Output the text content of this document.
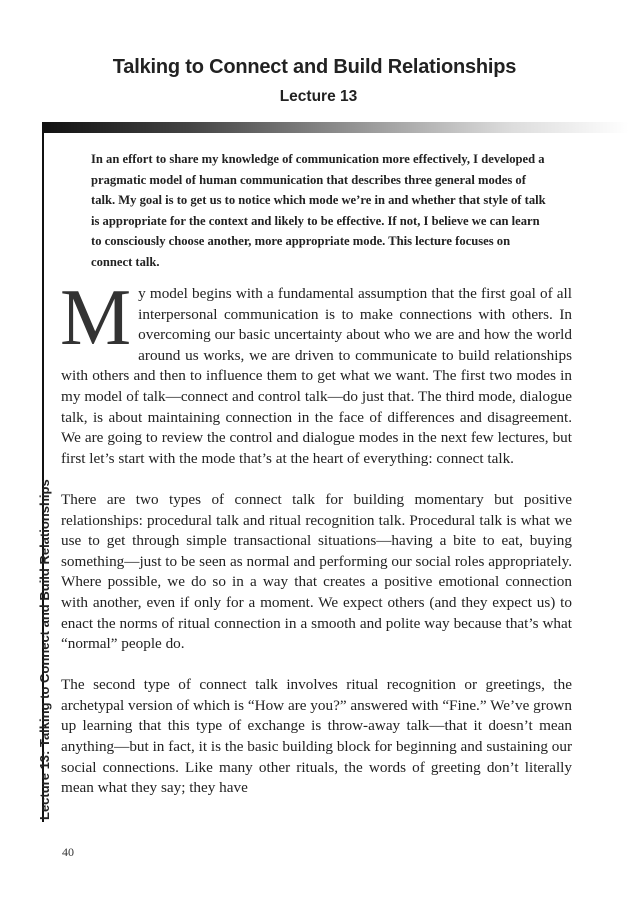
Talking to Connect and Build Relationships
Lecture 13
Lecture 13: Talking to Connect and Build Relationships
In an effort to share my knowledge of communication more effectively, I developed a pragmatic model of human communication that describes three general modes of talk. My goal is to get us to notice which mode we’re in and whether that style of talk is appropriate for the context and likely to be effective. If not, I believe we can learn to consciously choose another, more appropriate mode. This lecture focuses on connect talk.

My model begins with a fundamental assumption that the first goal of all interpersonal communication is to make connections with others. In overcoming our basic uncertainty about who we are and how the world around us works, we are driven to communicate to build relationships with others and then to influence them to get what we want. The first two modes in my model of talk—connect and control talk—do just that. The third mode, dialogue talk, is about maintaining connection in the face of differences and disagreement. We are going to review the control and dialogue modes in the next few lectures, but first let’s start with the mode that’s at the heart of everything: connect talk.

There are two types of connect talk for building momentary but positive relationships: procedural talk and ritual recognition talk. Procedural talk is what we use to get through simple transactional situations—having a bite to eat, buying something—just to be seen as normal and performing our social roles appropriately. Where possible, we do so in a way that creates a positive emotional connection with another, even if only for a moment. We expect others (and they expect us) to enact the norms of ritual connection in a smooth and polite way because that’s what “normal” people do.

The second type of connect talk involves ritual recognition or greetings, the archetypal version of which is “How are you?” answered with “Fine.” We’ve grown up learning that this type of exchange is throw-away talk—that it doesn’t mean anything—but in fact, it is the basic building block for beginning and sustaining our social connections. Like many other rituals, the words of greeting don’t literally mean what they say; they have

40
